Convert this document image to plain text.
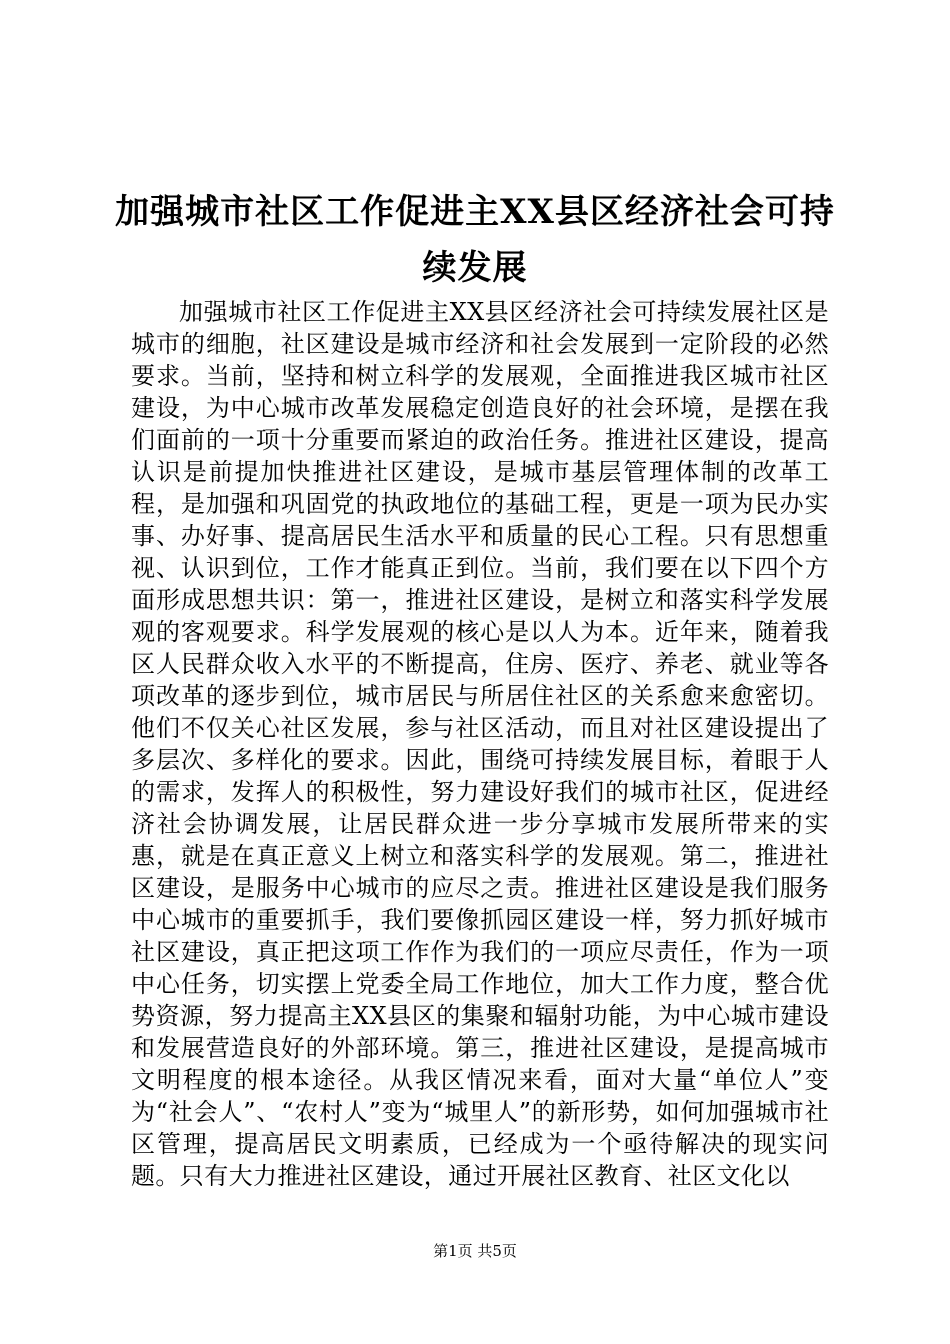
加强城市社区工作促进主XX县区经济社会可持续发展

加强城市社区工作促进主XX县区经济社会可持续发展社区是城市的细胞，社区建设是城市经济和社会发展到一定阶段的必然要求。当前，坚持和树立科学的发展观，全面推进我区城市社区建设，为中心城市改革发展稳定创造良好的社会环境，是摆在我们面前的一项十分重要而紧迫的政治任务。推进社区建设，提高认识是前提加快推进社区建设，是城市基层管理体制的改革工程，是加强和巩固党的执政地位的基础工程，更是一项为民办实事、办好事、提高居民生活水平和质量的民心工程。只有思想重视、认识到位，工作才能真正到位。当前，我们要在以下四个方面形成思想共识：第一，推进社区建设，是树立和落实科学发展观的客观要求。科学发展观的核心是以人为本。近年来，随着我区人民群众收入水平的不断提高，住房、医疗、养老、就业等各项改革的逐步到位，城市居民与所居住社区的关系愈来愈密切。他们不仅关心社区发展，参与社区活动，而且对社区建设提出了多层次、多样化的要求。因此，围绕可持续发展目标，着眼于人的需求，发挥人的积极性，努力建设好我们的城市社区，促进经济社会协调发展，让居民群众进一步分享城市发展所带来的实惠，就是在真正意义上树立和落实科学的发展观。第二，推进社区建设，是服务中心城市的应尽之责。推进社区建设是我们服务中心城市的重要抓手，我们要像抓园区建设一样，努力抓好城市社区建设，真正把这项工作作为我们的一项应尽责任，作为一项中心任务，切实摆上党委全局工作地位，加大工作力度，整合优势资源，努力提高主XX县区的集聚和辐射功能，为中心城市建设和发展营造良好的外部环境。第三，推进社区建设，是提高城市文明程度的根本途径。从我区情况来看，面对大量“单位人”变为“社会人”、“农村人”变为“城里人”的新形势，如何加强城市社区管理，提高居民文明素质，已经成为一个亟待解决的现实问题。只有大力推进社区建设，通过开展社区教育、社区文化以

第1页 共5页
